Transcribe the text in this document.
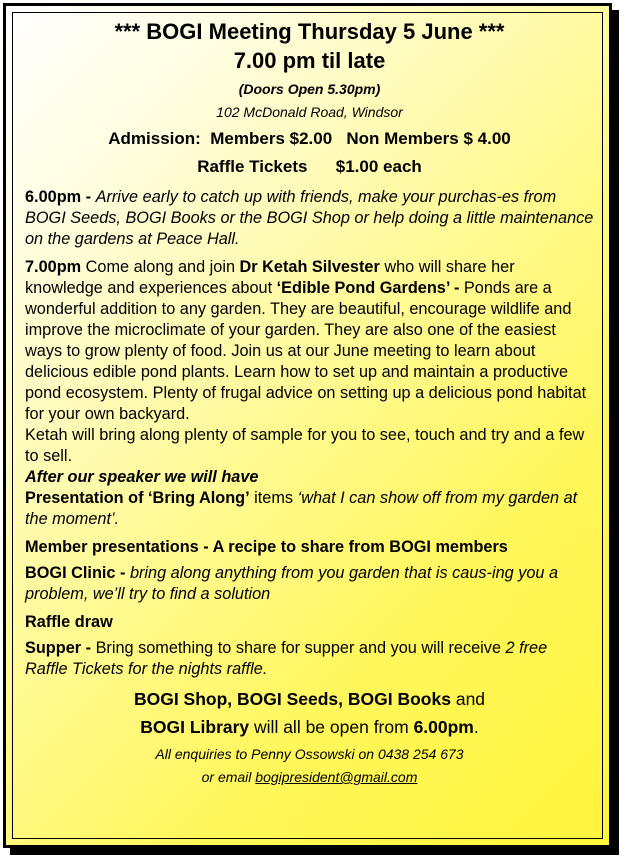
*** BOGI Meeting Thursday 5 June ***
7.00 pm til late
(Doors Open 5.30pm)
102 McDonald Road, Windsor
Admission:  Members $2.00   Non Members $ 4.00
Raffle Tickets      $1.00 each
6.00pm - Arrive early to catch up with friends, make your purchas-es from BOGI Seeds, BOGI Books or the BOGI Shop or help doing a little maintenance on the gardens at Peace Hall.
7.00pm Come along and join Dr Ketah Silvester who will share her knowledge and experiences about ‘Edible Pond Gardens’ - Ponds are a wonderful addition to any garden. They are beautiful, encourage wildlife and improve the microclimate of your garden. They are also one of the easiest ways to grow plenty of food. Join us at our June meeting to learn about delicious edible pond plants. Learn how to set up and maintain a productive pond ecosystem. Plenty of frugal advice on setting up a delicious pond habitat for your own backyard.
Ketah will bring along plenty of sample for you to see, touch and try and a few to sell.
After our speaker we will have
Presentation of ‘Bring Along’ items ‘what I can show off from my garden at the moment’.
Member presentations - A recipe to share from BOGI members
BOGI Clinic - bring along anything from you garden that is caus-ing you a problem, we’ll try to find a solution
Raffle draw
Supper - Bring something to share for supper and you will receive 2 free Raffle Tickets for the nights raffle.
BOGI Shop, BOGI Seeds, BOGI Books and
BOGI Library will all be open from 6.00pm.
All enquiries to Penny Ossowski on 0438 254 673
or email bogipresident@gmail.com
